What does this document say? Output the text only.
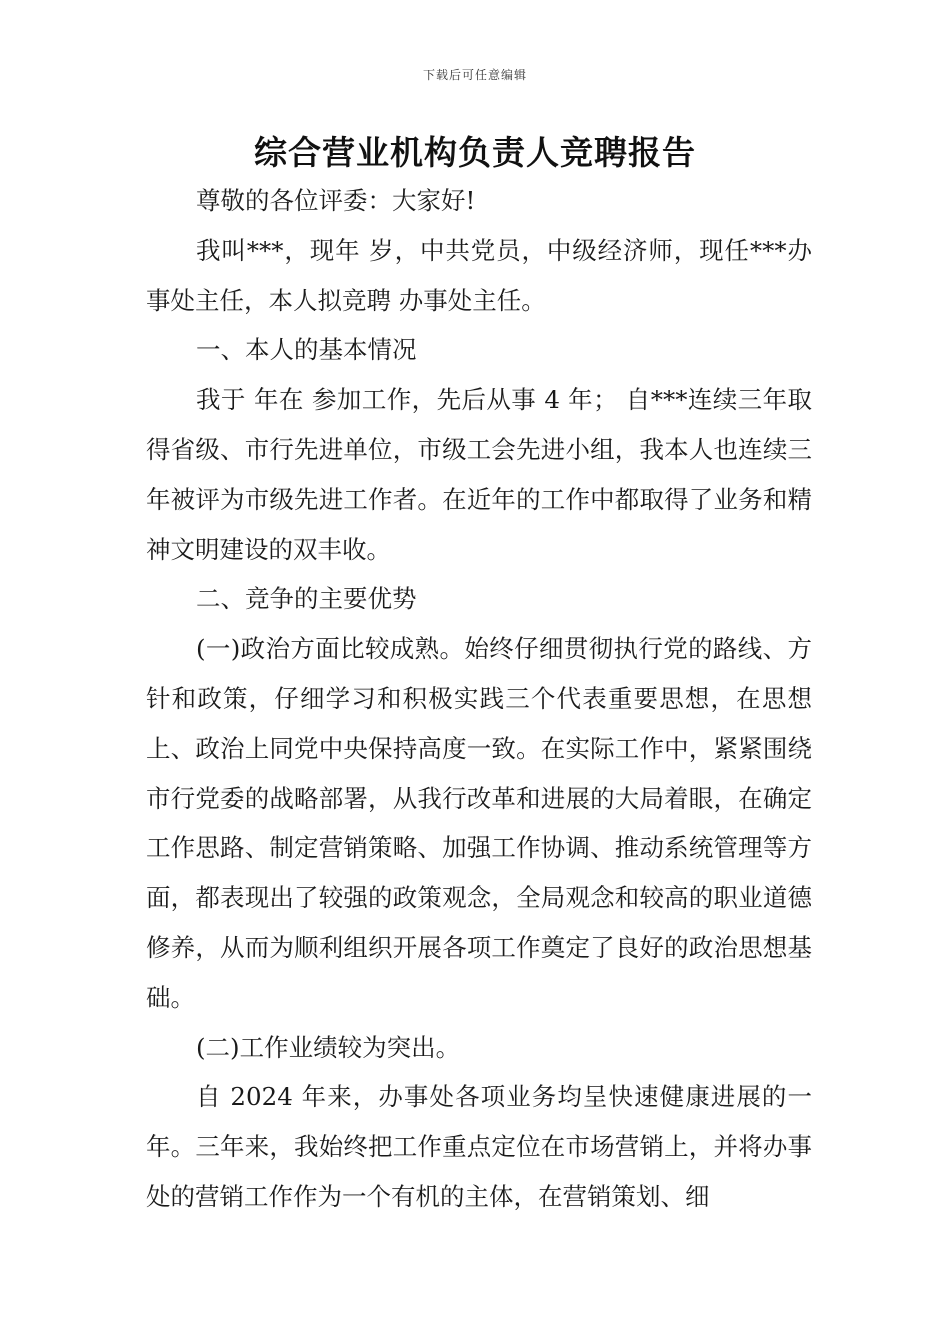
下载后可任意编辑
综合营业机构负责人竞聘报告

尊敬的各位评委：大家好!

我叫***，现年 岁，中共党员，中级经济师，现任***办事处主任，本人拟竞聘 办事处主任。

一、本人的基本情况

我于 年在 参加工作，先后从事 4 年； 自***连续三年取得省级、市行先进单位，市级工会先进小组，我本人也连续三年被评为市级先进工作者。在近年的工作中都取得了业务和精神文明建设的双丰收。

二、竞争的主要优势

(一)政治方面比较成熟。始终仔细贯彻执行党的路线、方针和政策，仔细学习和积极实践三个代表重要思想，在思想上、政治上同党中央保持高度一致。在实际工作中，紧紧围绕市行党委的战略部署，从我行改革和进展的大局着眼，在确定工作思路、制定营销策略、加强工作协调、推动系统管理等方面，都表现出了较强的政策观念，全局观念和较高的职业道德修养，从而为顺利组织开展各项工作奠定了良好的政治思想基础。

(二)工作业绩较为突出。

自 2024 年来，办事处各项业务均呈快速健康进展的一年。三年来，我始终把工作重点定位在市场营销上，并将办事处的营销工作作为一个有机的主体，在营销策划、细
